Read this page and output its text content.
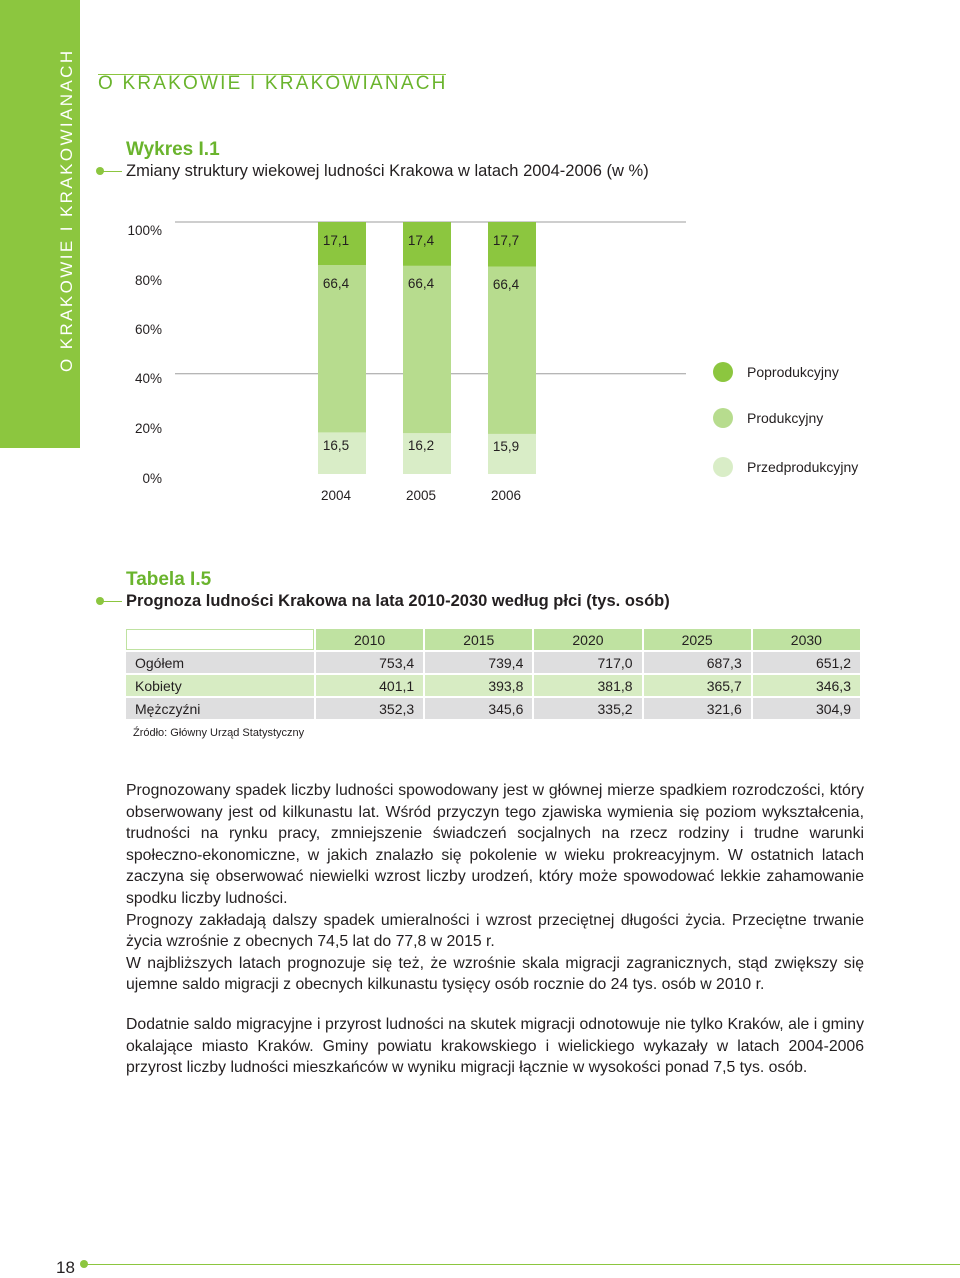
O KRAKOWIE I KRAKOWIANACH O KRAKOWIE I KRAKOWIANACH
Wykres I.1
Zmiany struktury wiekowej ludności Krakowa w latach 2004-2006 (w %)
100%
80%
60%
40%
20%
0%
16,5
66,4
17,1
2004
16,2
66,4
17,4
2005
15,9
66,4
17,7
2006
Poprodukcyjny
Produkcyjny
Przedprodukcyjny
Tabela I.5
Prognoza ludności Krakowa na lata 2010-2030 według płci (tys. osób)
	2010	2015	2020	2025	2030
Ogółem	753,4	739,4	717,0	687,3	651,2
Kobiety	401,1	393,8	381,8	365,7	346,3
Mężczyźni	352,3	345,6	335,2	321,6	304,9
Źródło: Główny Urząd Statystyczny

Prognozowany spadek liczby ludności spowodowany jest w głównej mierze spadkiem rozrodczości, który obserwowany jest od kilkunastu lat. Wśród przyczyn tego zjawiska wymienia się poziom wykształcenia, trudności na rynku pracy, zmniejszenie świadczeń socjalnych na rzecz rodziny i trudne warunki społeczno-ekonomiczne, w jakich znalazło się pokolenie w wieku prokreacyjnym. W ostatnich latach zaczyna się obserwować niewielki wzrost liczby urodzeń, który może spowodować lekkie zahamowanie spodku liczby ludności.

Prognozy zakładają dalszy spadek umieralności i wzrost przeciętnej długości życia. Przeciętne trwanie życia wzrośnie z obecnych 74,5 lat do 77,8 w 2015 r.

W najbliższych latach prognozuje się też, że wzrośnie skala migracji zagranicznych, stąd zwiększy się ujemne saldo migracji z obecnych kilkunastu tysięcy osób rocznie do 24 tys. osób w 2010 r.

Dodatnie saldo migracyjne i przyrost ludności na skutek migracji odnotowuje nie tylko Kraków, ale i gminy okalające miasto Kraków. Gminy powiatu krakowskiego i wielickiego wykazały w latach 2004-2006 przyrost liczby ludności mieszkańców w wyniku migracji łącznie w wysokości ponad 7,5 tys. osób.

18
